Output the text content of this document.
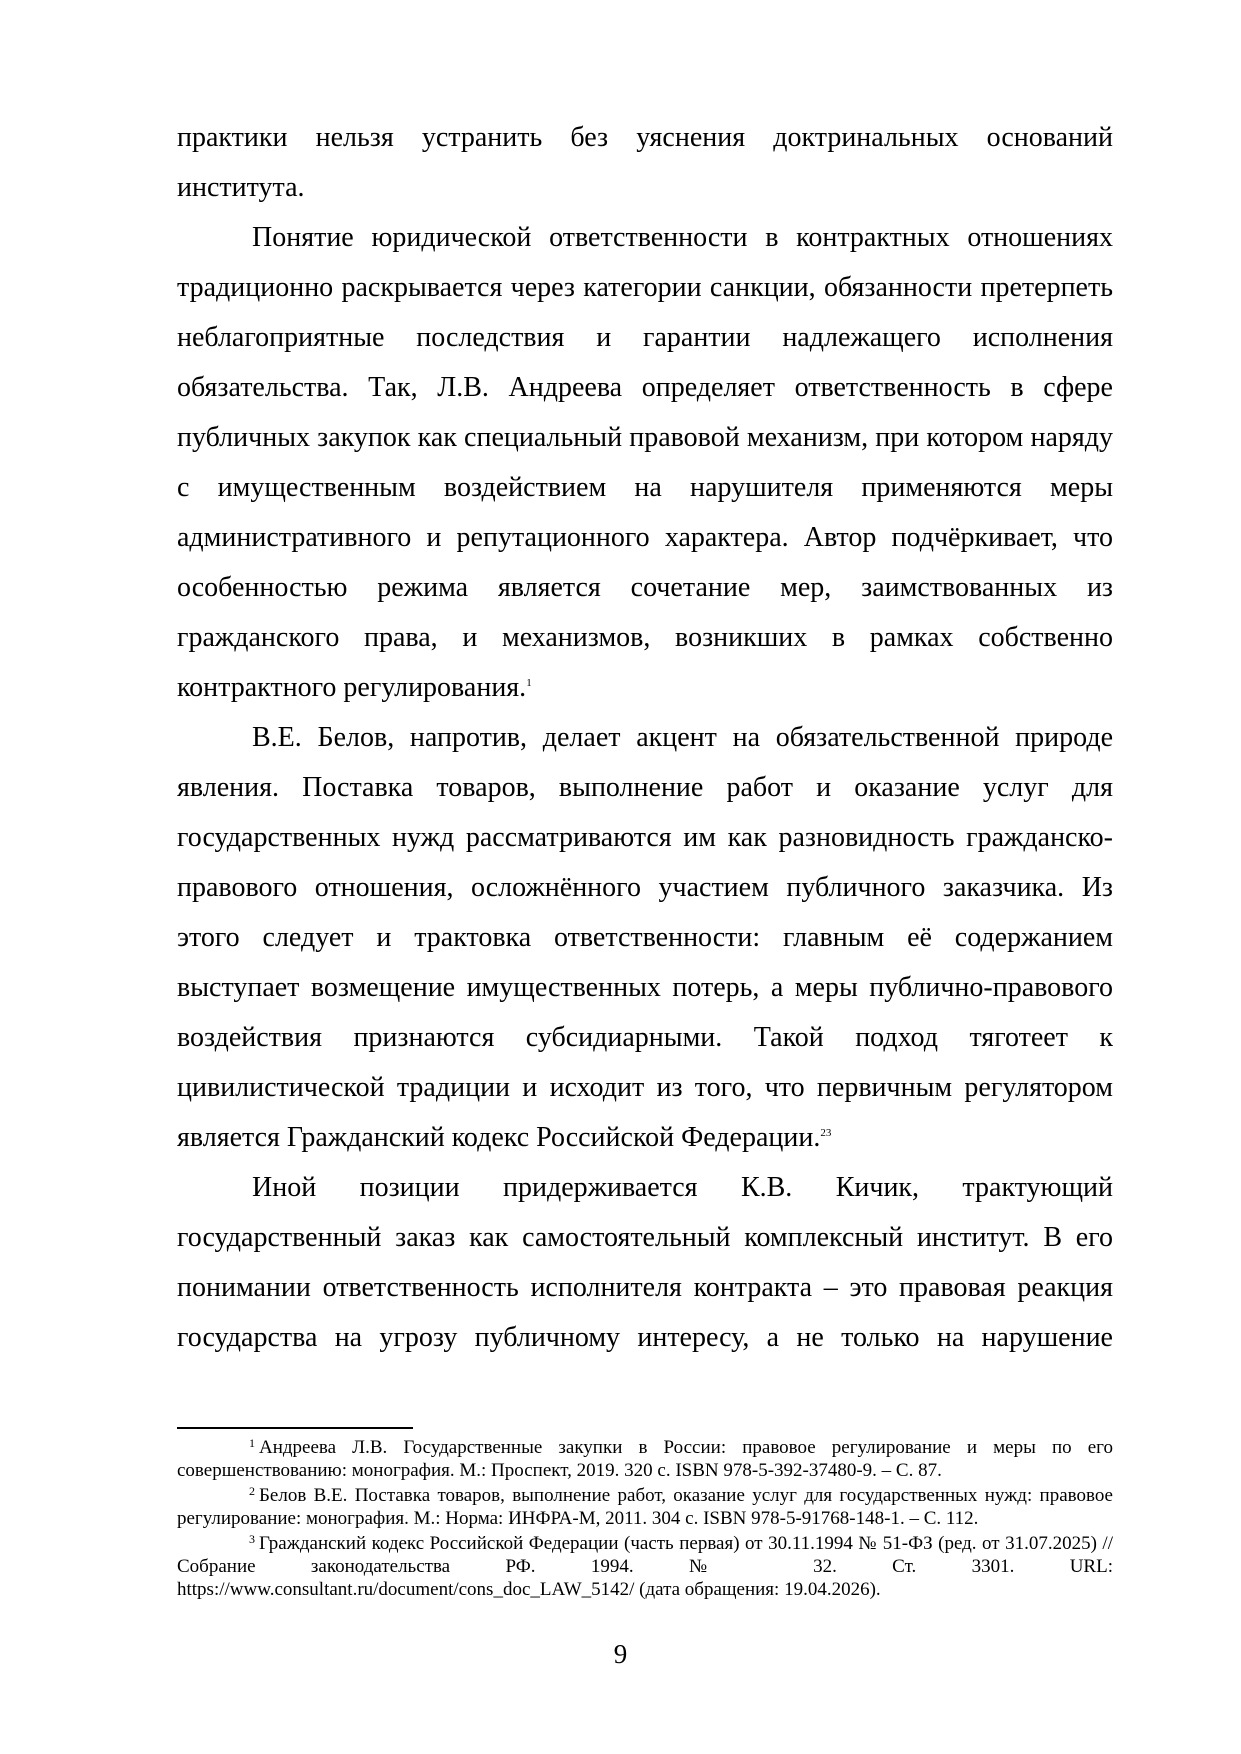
практики нельзя устранить без уяснения доктринальных оснований института.

Понятие юридической ответственности в контрактных отношениях традиционно раскрывается через категории санкции, обязанности претерпеть неблагоприятные последствия и гарантии надлежащего исполнения обязательства. Так, Л.В. Андреева определяет ответственность в сфере публичных закупок как специальный правовой механизм, при котором наряду с имущественным воздействием на нарушителя применяются меры административного и репутационного характера. Автор подчёркивает, что особенностью режима является сочетание мер, заимствованных из гражданского права, и механизмов, возникших в рамках собственно контрактного регулирования.$^1$

В.Е. Белов, напротив, делает акцент на обязательственной природе явления. Поставка товаров, выполнение работ и оказание услуг для государственных нужд рассматриваются им как разновидность гражданско-правового отношения, осложнённого участием публичного заказчика. Из этого следует и трактовка ответственности: главным её содержанием выступает возмещение имущественных потерь, а меры публично-правового воздействия признаются субсидиарными. Такой подход тяготеет к цивилистической традиции и исходит из того, что первичным регулятором является Гражданский кодекс Российской Федерации.$^{23}$

Иной позиции придерживается К.В. Кичик, трактующий государственный заказ как самостоятельный комплексный институт. В его понимании ответственность исполнителя контракта – это правовая реакция государства на угрозу публичному интересу, а не только на нарушение

$^1$ Андреева Л.В. Государственные закупки в России: правовое регулирование и меры по его совершенствованию: монография. М.: Проспект, 2019. 320 с. ISBN 978-5-392-37480-9. – С. 87.

$^2$ Белов В.Е. Поставка товаров, выполнение работ, оказание услуг для государственных нужд: правовое регулирование: монография. М.: Норма: ИНФРА-М, 2011. 304 с. ISBN 978-5-91768-148-1. – С. 112.

$^3$ Гражданский кодекс Российской Федерации (часть первая) от 30.11.1994 № 51-ФЗ (ред. от 31.07.2025) // Собрание законодательства РФ. 1994. № 32. Ст. 3301. URL: https://www.consultant.ru/document/cons_doc_LAW_5142/ (дата обращения: 19.04.2026).

9
